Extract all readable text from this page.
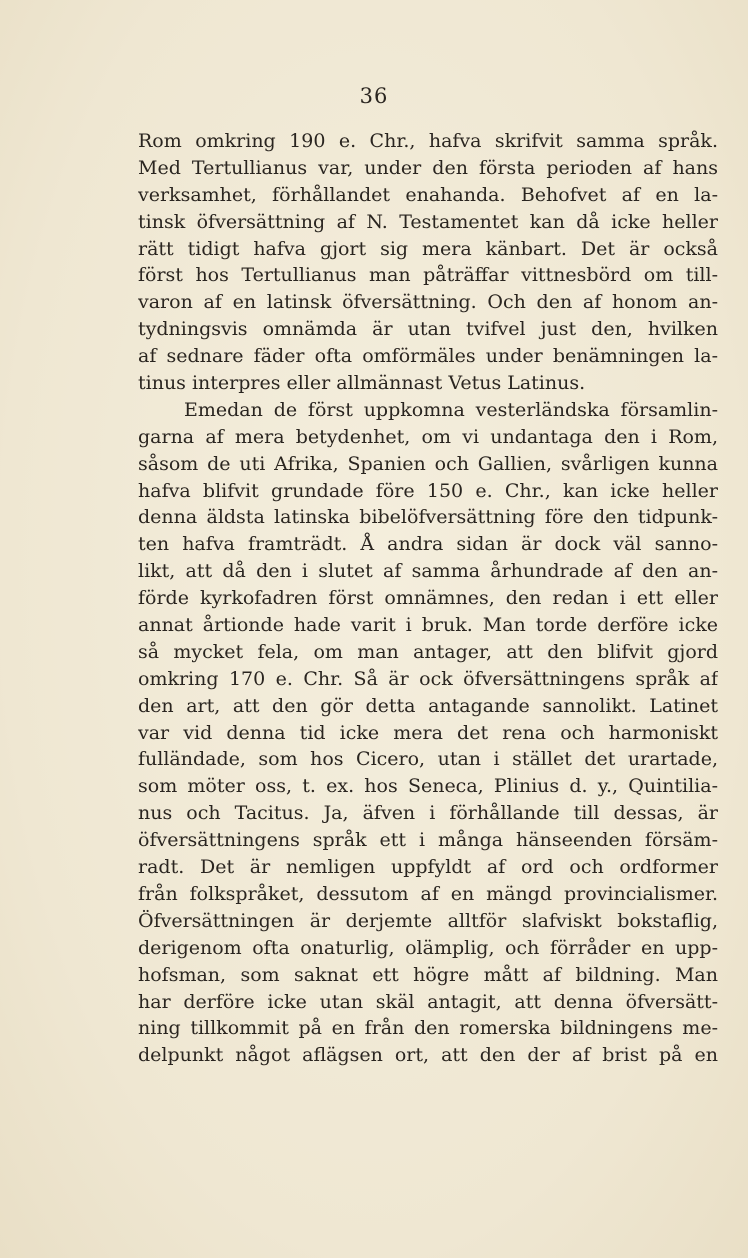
36
Rom omkring 190 e. Chr., hafva skrifvit samma språk.
Med Tertullianus var, under den första perioden af hans
verksamhet, förhållandet enahanda. Behofvet af en la-
tinsk öfversättning af N. Testamentet kan då icke heller
rätt tidigt hafva gjort sig mera känbart. Det är också
först hos Tertullianus man påträffar vittnesbörd om till-
varon af en latinsk öfversättning. Och den af honom an-
tydningsvis omnämda är utan tvifvel just den, hvilken
af sednare fäder ofta omförmäles under benämningen la-
tinus interpres eller allmännast Vetus Latinus.
Emedan de först uppkomna vesterländska församlin-
garna af mera betydenhet, om vi undantaga den i Rom,
såsom de uti Afrika, Spanien och Gallien, svårligen kunna
hafva blifvit grundade före 150 e. Chr., kan icke heller
denna äldsta latinska bibelöfversättning före den tidpunk-
ten hafva framträdt. Å andra sidan är dock väl sanno-
likt, att då den i slutet af samma århundrade af den an-
förde kyrkofadren först omnämnes, den redan i ett eller
annat årtionde hade varit i bruk. Man torde derföre icke
så mycket fela, om man antager, att den blifvit gjord
omkring 170 e. Chr. Så är ock öfversättningens språk af
den art, att den gör detta antagande sannolikt. Latinet
var vid denna tid icke mera det rena och harmoniskt
fulländade, som hos Cicero, utan i stället det urartade,
som möter oss, t. ex. hos Seneca, Plinius d. y., Quintilia-
nus och Tacitus. Ja, äfven i förhållande till dessas, är
öfversättningens språk ett i många hänseenden försäm-
radt. Det är nemligen uppfyldt af ord och ordformer
från folkspråket, dessutom af en mängd provincialismer.
Öfversättningen är derjemte alltför slafviskt bokstaflig,
derigenom ofta onaturlig, olämplig, och förråder en upp-
hofsman, som saknat ett högre mått af bildning. Man
har derföre icke utan skäl antagit, att denna öfversätt-
ning tillkommit på en från den romerska bildningens me-
delpunkt något aflägsen ort, att den der af brist på en
